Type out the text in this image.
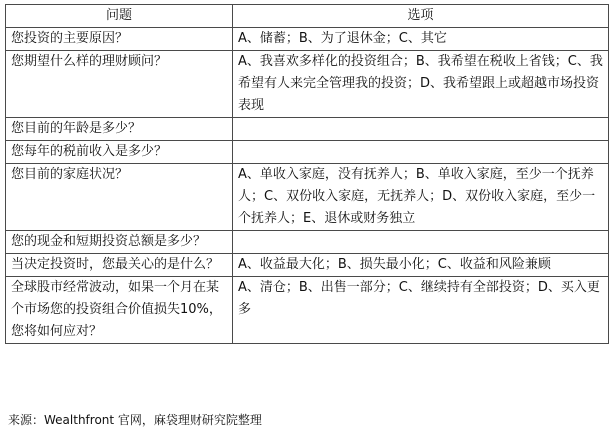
问题	选项
您投资的主要原因？	A、储蓄；B、为了退休金；C、其它
您期望什么样的理财顾问？	A、我喜欢多样化的投资组合；B、我希望在税收上省钱；C、我希望有人来完全管理我的投资；D、我希望跟上或超越市场投资表现
您目前的年龄是多少？	
您每年的税前收入是多少？	
您目前的家庭状况？	A、单收入家庭，没有抚养人；B、单收入家庭，至少一个抚养人；C、双份收入家庭，无抚养人；D、双份收入家庭，至少一个抚养人；E、退休或财务独立
您的现金和短期投资总额是多少？	
当决定投资时，您最关心的是什么？	A、收益最大化；B、损失最小化；C、收益和风险兼顾
全球股市经常波动，如果一个月在某个市场您的投资组合价值损失10%，您将如何应对？	A、清仓；B、出售一部分；C、继续持有全部投资；D、买入更多
来源：Wealthfront 官网，麻袋理财研究院整理
